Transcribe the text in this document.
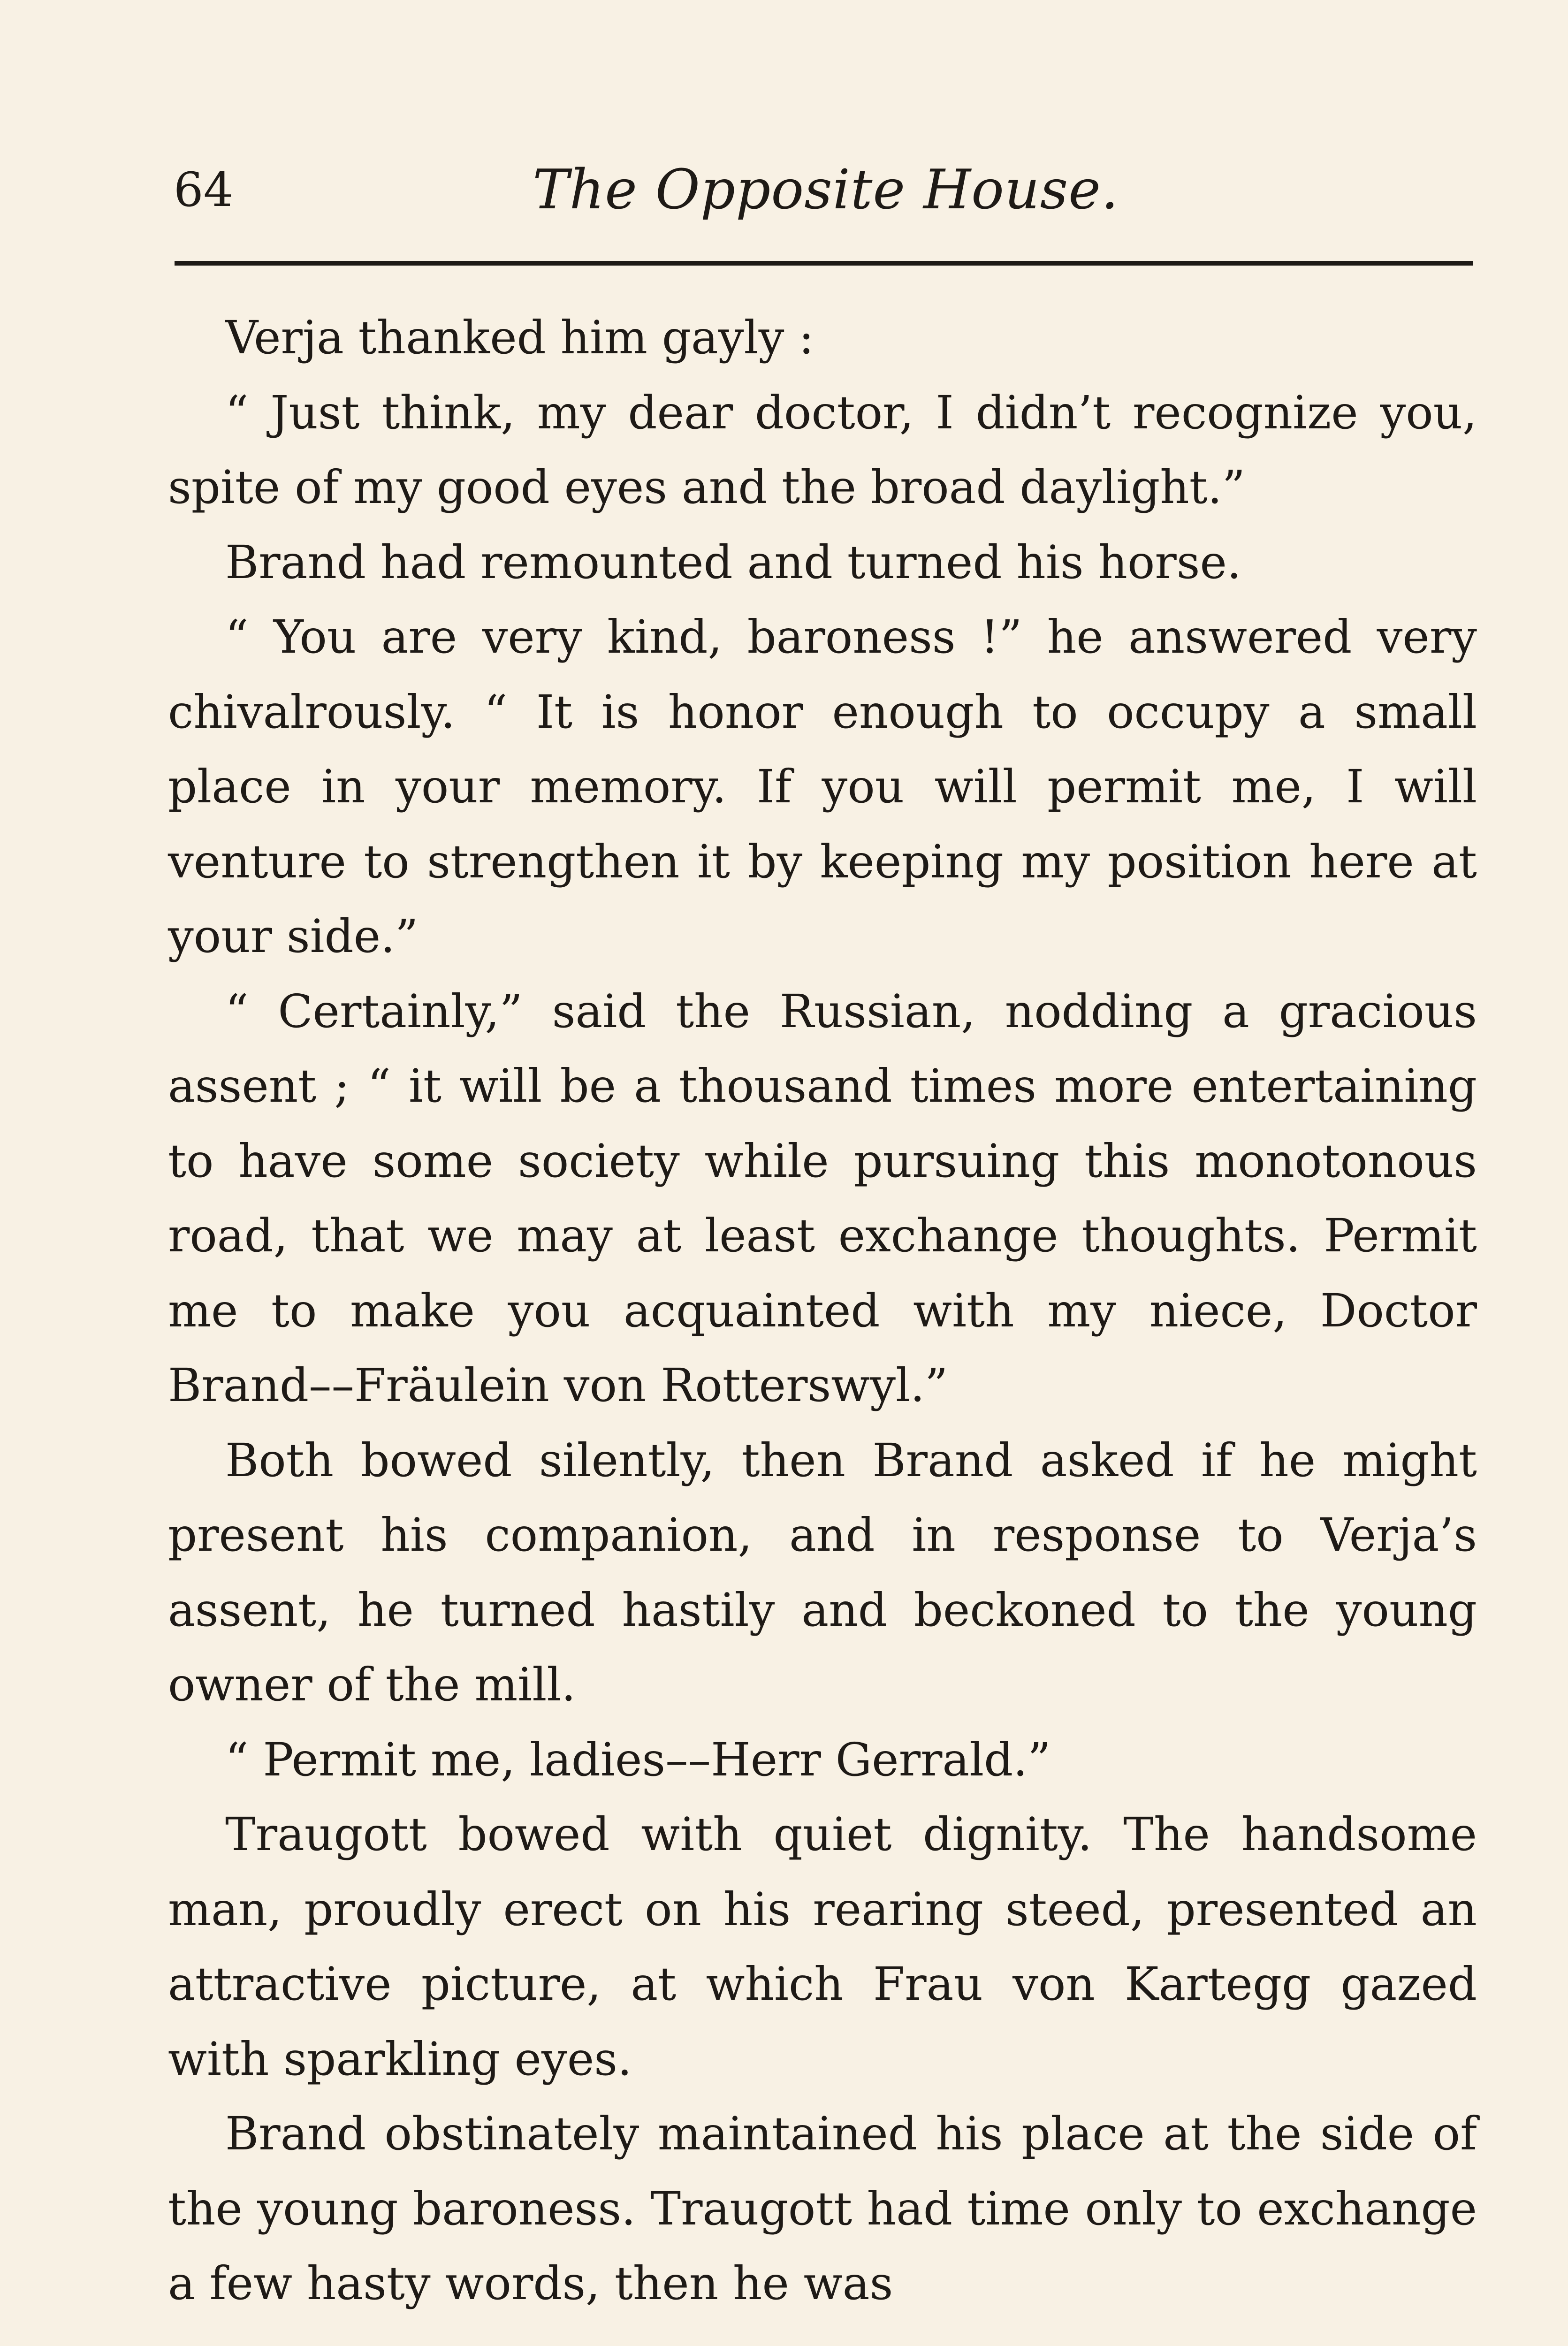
64	The Opposite House.

Verja thanked him gayly :

“ Just think, my dear doctor, I didn’t recognize you, spite of my good eyes and the broad daylight.”

Brand had remounted and turned his horse.

“ You are very kind, baroness !” he answered very chivalrously. “ It is honor enough to occupy a small place in your memory. If you will permit me, I will venture to strengthen it by keeping my position here at your side.”

“ Certainly,” said the Russian, nodding a gracious assent ; “ it will be a thousand times more entertaining to have some society while pursuing this monotonous road, that we may at least exchange thoughts. Permit me to make you acquainted with my niece, Doctor Brand––Fräulein von Rotterswyl.”

Both bowed silently, then Brand asked if he might present his companion, and in response to Verja’s assent, he turned hastily and beckoned to the young owner of the mill.

“ Permit me, ladies––Herr Gerrald.”

Traugott bowed with quiet dignity. The handsome man, proudly erect on his rearing steed, presented an attractive picture, at which Frau von Kartegg gazed with sparkling eyes.

Brand obstinately maintained his place at the side of the young baroness. Traugott had time only to exchange a few hasty words, then he was
